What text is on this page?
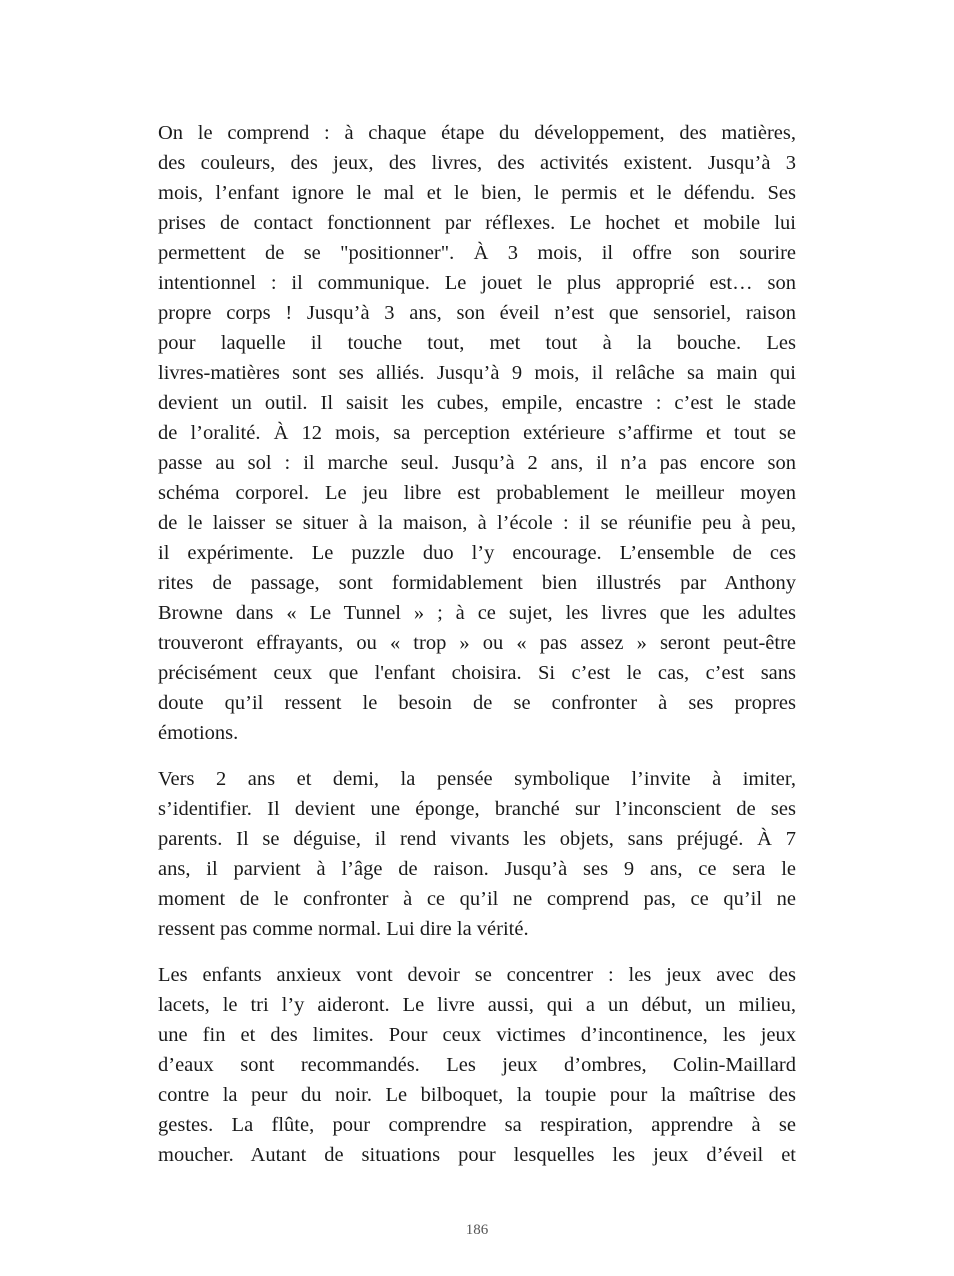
On le comprend : à chaque étape du développement, des matières,
des couleurs, des jeux, des livres, des activités existent. Jusqu’à 3
mois, l’enfant ignore le mal et le bien, le permis et le défendu. Ses
prises de contact fonctionnent par réflexes. Le hochet et mobile lui
permettent de se "positionner". À 3 mois, il offre son sourire
intentionnel : il communique. Le jouet le plus approprié est… son
propre corps ! Jusqu’à 3 ans, son éveil n’est que sensoriel, raison
pour laquelle il touche tout, met tout à la bouche. Les
livres-matières sont ses alliés. Jusqu’à 9 mois, il relâche sa main qui
devient un outil. Il saisit les cubes, empile, encastre : c’est le stade
de l’oralité. À 12 mois, sa perception extérieure s’affirme et tout se
passe au sol : il marche seul. Jusqu’à 2 ans, il n’a pas encore son
schéma corporel. Le jeu libre est probablement le meilleur moyen
de le laisser se situer à la maison, à l’école : il se réunifie peu à peu,
il expérimente. Le puzzle duo l’y encourage. L’ensemble de ces
rites de passage, sont formidablement bien illustrés par Anthony
Browne dans « Le Tunnel » ; à ce sujet, les livres que les adultes
trouveront effrayants, ou « trop » ou « pas assez » seront peut-être
précisément ceux que l'enfant choisira. Si c’est le cas, c’est sans
doute qu’il ressent le besoin de se confronter à ses propres
émotions.

Vers 2 ans et demi, la pensée symbolique l’invite à imiter,
s’identifier. Il devient une éponge, branché sur l’inconscient de ses
parents. Il se déguise, il rend vivants les objets, sans préjugé. À 7
ans, il parvient à l’âge de raison. Jusqu’à ses 9 ans, ce sera le
moment de le confronter à ce qu’il ne comprend pas, ce qu’il ne
ressent pas comme normal. Lui dire la vérité.

Les enfants anxieux vont devoir se concentrer : les jeux avec des
lacets, le tri l’y aideront. Le livre aussi, qui a un début, un milieu,
une fin et des limites. Pour ceux victimes d’incontinence, les jeux
d’eaux sont recommandés. Les jeux d’ombres, Colin-Maillard
contre la peur du noir. Le bilboquet, la toupie pour la maîtrise des
gestes. La flûte, pour comprendre sa respiration, apprendre à se
moucher. Autant de situations pour lesquelles les jeux d’éveil et

186
